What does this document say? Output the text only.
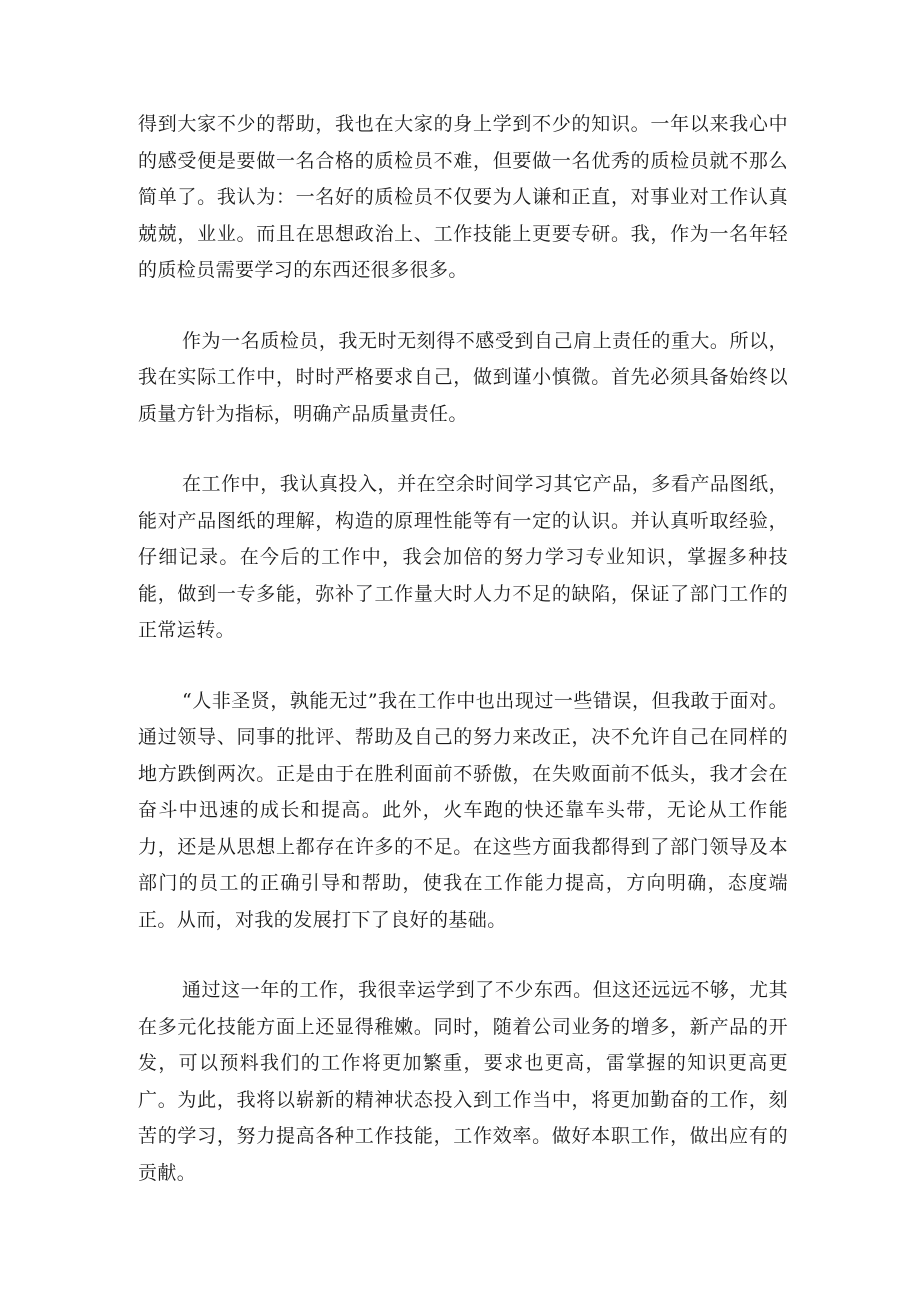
得到大家不少的帮助，我也在大家的身上学到不少的知识。一年以来我心中的感受便是要做一名合格的质检员不难，但要做一名优秀的质检员就不那么简单了。我认为：一名好的质检员不仅要为人谦和正直，对事业对工作认真兢兢，业业。而且在思想政治上、工作技能上更要专研。我，作为一名年轻的质检员需要学习的东西还很多很多。

作为一名质检员，我无时无刻得不感受到自己肩上责任的重大。所以，我在实际工作中，时时严格要求自己，做到谨小慎微。首先必须具备始终以质量方针为指标，明确产品质量责任。

在工作中，我认真投入，并在空余时间学习其它产品，多看产品图纸，能对产品图纸的理解，构造的原理性能等有一定的认识。并认真听取经验，仔细记录。在今后的工作中，我会加倍的努力学习专业知识，掌握多种技能，做到一专多能，弥补了工作量大时人力不足的缺陷，保证了部门工作的正常运转。

“人非圣贤，孰能无过”我在工作中也出现过一些错误，但我敢于面对。通过领导、同事的批评、帮助及自己的努力来改正，决不允许自己在同样的地方跌倒两次。正是由于在胜利面前不骄傲，在失败面前不低头，我才会在奋斗中迅速的成长和提高。此外，火车跑的快还靠车头带，无论从工作能力，还是从思想上都存在许多的不足。在这些方面我都得到了部门领导及本部门的员工的正确引导和帮助，使我在工作能力提高，方向明确，态度端正。从而，对我的发展打下了良好的基础。

通过这一年的工作，我很幸运学到了不少东西。但这还远远不够，尤其在多元化技能方面上还显得稚嫩。同时，随着公司业务的增多，新产品的开发，可以预料我们的工作将更加繁重，要求也更高，雷掌握的知识更高更广。为此，我将以崭新的精神状态投入到工作当中，将更加勤奋的工作，刻苦的学习，努力提高各种工作技能，工作效率。做好本职工作，做出应有的贡献。
